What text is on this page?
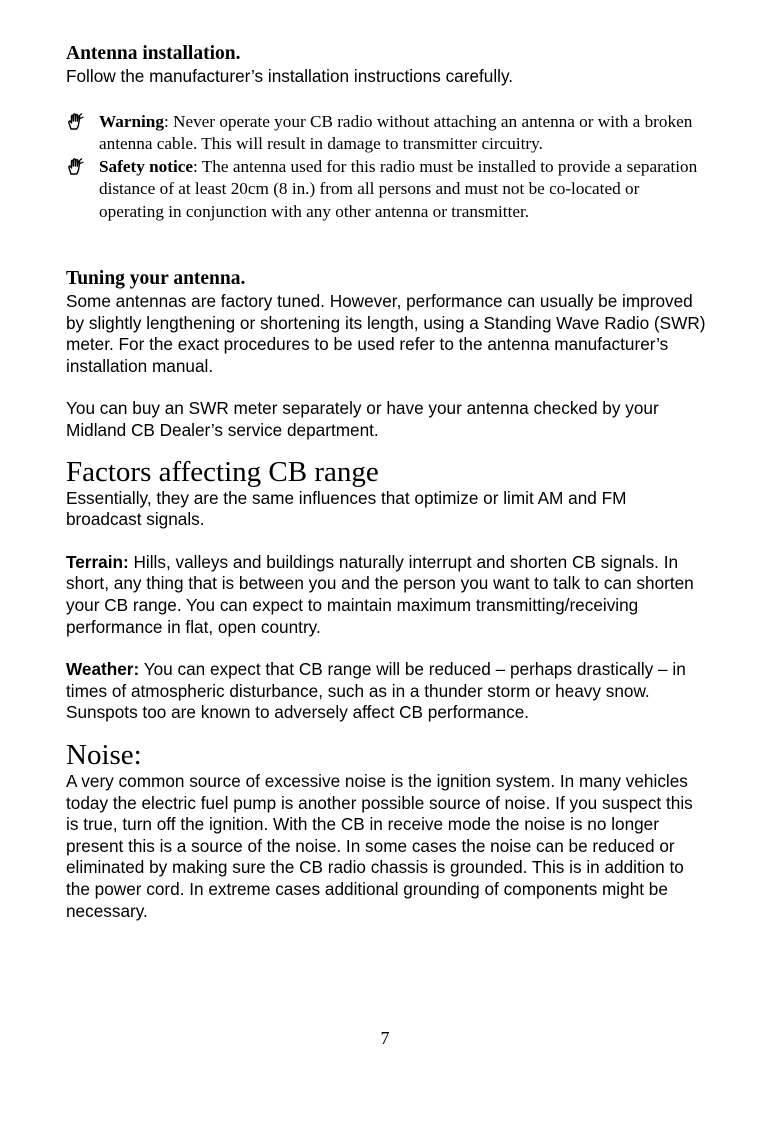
Antenna installation.

Follow the manufacturer’s installation instructions carefully.

Warning: Never operate your CB radio without attaching an antenna or with a broken antenna cable. This will result in damage to transmitter circuitry.
Safety notice: The antenna used for this radio must be installed to provide a separation distance of at least 20cm (8 in.) from all persons and must not be co-located or operating in conjunction with any other antenna or transmitter.
Tuning your antenna.

Some antennas are factory tuned. However, performance can usually be improved by slightly lengthening or shortening its length, using a Standing Wave Radio (SWR) meter. For the exact procedures to be used refer to the antenna manufacturer’s installation manual.

You can buy an SWR meter separately or have your antenna checked by your Midland CB Dealer’s service department.

Factors affecting CB range

Essentially, they are the same influences that optimize or limit AM and FM broadcast signals.

Terrain: Hills, valleys and buildings naturally interrupt and shorten CB signals. In short, any thing that is between you and the person you want to talk to can shorten your CB range. You can expect to maintain maximum transmitting/receiving performance in flat, open country.

Weather: You can expect that CB range will be reduced – perhaps drastically – in times of atmospheric disturbance, such as in a thunder storm or heavy snow. Sunspots too are known to adversely affect CB performance.

Noise:

A very common source of excessive noise is the ignition system. In many vehicles today the electric fuel pump is another possible source of noise. If you suspect this is true, turn off the ignition. With the CB in receive mode the noise is no longer present this is a source of the noise. In some cases the noise can be reduced or eliminated by making sure the CB radio chassis is grounded. This is in addition to the power cord. In extreme cases additional grounding of components might be necessary.

7
